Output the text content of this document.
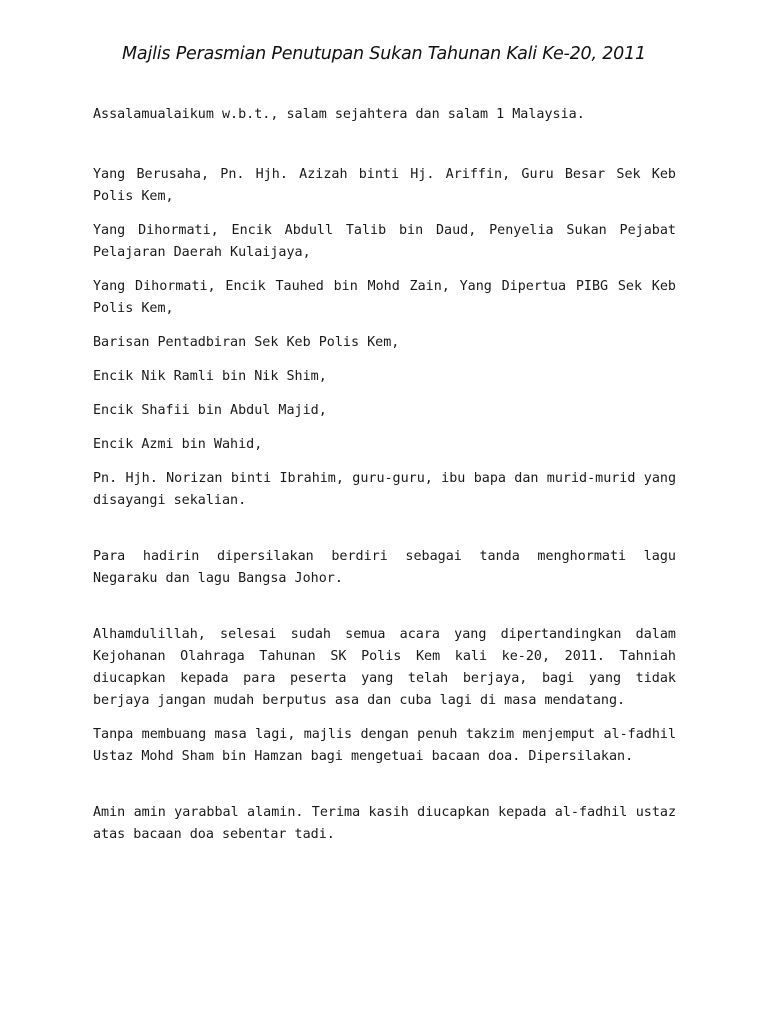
Majlis Perasmian Penutupan Sukan Tahunan Kali Ke-20, 2011

Assalamualaikum w.b.t., salam sejahtera dan salam 1 Malaysia.

Yang Berusaha, Pn. Hjh. Azizah binti Hj. Ariffin, Guru Besar Sek Keb Polis Kem,

Yang Dihormati, Encik Abdull Talib bin Daud, Penyelia Sukan Pejabat Pelajaran Daerah Kulaijaya,

Yang Dihormati, Encik Tauhed bin Mohd Zain, Yang Dipertua PIBG Sek Keb Polis Kem,

Barisan Pentadbiran Sek Keb Polis Kem,

Encik Nik Ramli bin Nik Shim,

Encik Shafii bin Abdul Majid,

Encik Azmi bin Wahid,

Pn. Hjh. Norizan binti Ibrahim, guru-guru, ibu bapa dan murid-murid yang disayangi sekalian.

Para hadirin dipersilakan berdiri sebagai tanda menghormati lagu Negaraku dan lagu Bangsa Johor.

Alhamdulillah, selesai sudah semua acara yang dipertandingkan dalam Kejohanan Olahraga Tahunan SK Polis Kem kali ke-20, 2011. Tahniah diucapkan kepada para peserta yang telah berjaya, bagi yang tidak berjaya jangan mudah berputus asa dan cuba lagi di masa mendatang.

Tanpa membuang masa lagi, majlis dengan penuh takzim menjemput al-fadhil Ustaz Mohd Sham bin Hamzan bagi mengetuai bacaan doa. Dipersilakan.

Amin amin yarabbal alamin. Terima kasih diucapkan kepada al-fadhil ustaz atas bacaan doa sebentar tadi.
